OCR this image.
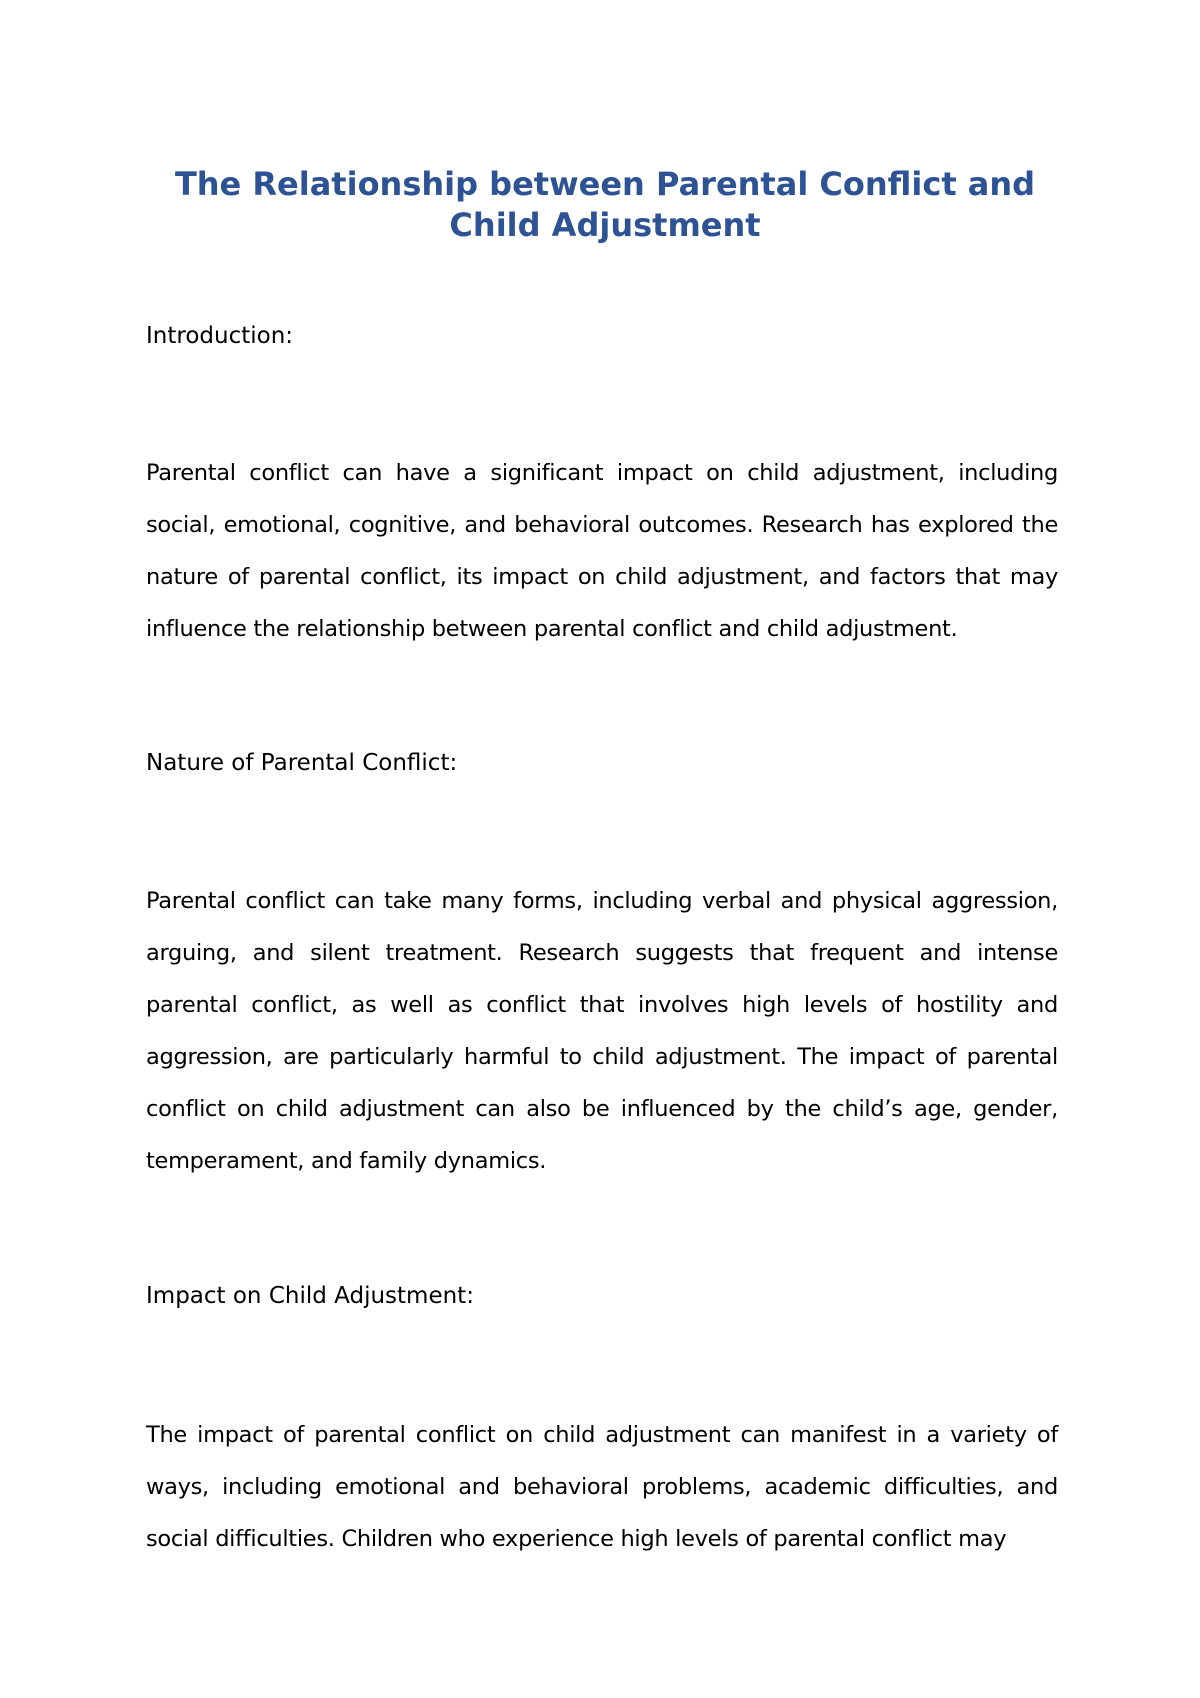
The Relationship between Parental Conflict and Child Adjustment

Introduction:

Parental conflict can have a significant impact on child adjustment, including social, emotional, cognitive, and behavioral outcomes. Research has explored the nature of parental conflict, its impact on child adjustment, and factors that may influence the relationship between parental conflict and child adjustment.

Nature of Parental Conflict:

Parental conflict can take many forms, including verbal and physical aggression, arguing, and silent treatment. Research suggests that frequent and intense parental conflict, as well as conflict that involves high levels of hostility and aggression, are particularly harmful to child adjustment. The impact of parental conflict on child adjustment can also be influenced by the child’s age, gender, temperament, and family dynamics.

Impact on Child Adjustment:

The impact of parental conflict on child adjustment can manifest in a variety of ways, including emotional and behavioral problems, academic difficulties, and social difficulties. Children who experience high levels of parental conflict may
